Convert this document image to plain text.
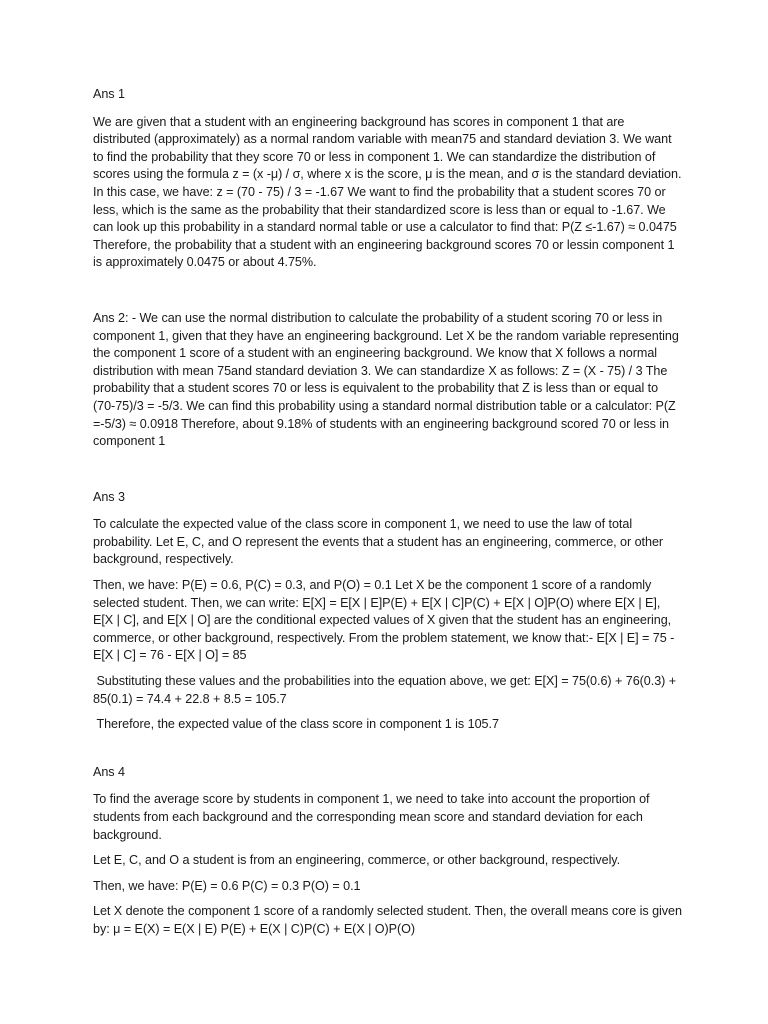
Ans 1

We are given that a student with an engineering background has scores in component 1 that are distributed (approximately) as a normal random variable with mean75 and standard deviation 3. We want to find the probability that they score 70 or less in component 1. We can standardize the distribution of scores using the formula z = (x -μ) / σ, where x is the score, μ is the mean, and σ is the standard deviation. In this case, we have: z = (70 - 75) / 3 = -1.67 We want to find the probability that a student scores 70 or less, which is the same as the probability that their standardized score is less than or equal to -1.67. We can look up this probability in a standard normal table or use a calculator to find that: P(Z ≤-1.67) ≈ 0.0475 Therefore, the probability that a student with an engineering background scores 70 or lessin component 1 is approximately 0.0475 or about 4.75%.

Ans 2: - We can use the normal distribution to calculate the probability of a student scoring 70 or less in component 1, given that they have an engineering background. Let X be the random variable representing the component 1 score of a student with an engineering background. We know that X follows a normal distribution with mean 75and standard deviation 3. We can standardize X as follows: Z = (X - 75) / 3 The probability that a student scores 70 or less is equivalent to the probability that Z is less than or equal to (70-75)/3 = -5/3. We can find this probability using a standard normal distribution table or a calculator: P(Z =-5/3) ≈ 0.0918 Therefore, about 9.18% of students with an engineering background scored 70 or less in component 1

Ans 3

To calculate the expected value of the class score in component 1, we need to use the law of total probability. Let E, C, and O represent the events that a student has an engineering, commerce, or other background, respectively.

Then, we have: P(E) = 0.6, P(C) = 0.3, and P(O) = 0.1 Let X be the component 1 score of a randomly selected student. Then, we can write: E[X] = E[X | E]P(E) + E[X | C]P(C) + E[X | O]P(O) where E[X | E], E[X | C], and E[X | O] are the conditional expected values of X given that the student has an engineering, commerce, or other background, respectively. From the problem statement, we know that:- E[X | E] = 75 - E[X | C] = 76 - E[X | O] = 85

Substituting these values and the probabilities into the equation above, we get: E[X] = 75(0.6) + 76(0.3) + 85(0.1) = 74.4 + 22.8 + 8.5 = 105.7

Therefore, the expected value of the class score in component 1 is 105.7

Ans 4

To find the average score by students in component 1, we need to take into account the proportion of students from each background and the corresponding mean score and standard deviation for each background.

Let E, C, and O a student is from an engineering, commerce, or other background, respectively.

Then, we have: P(E) = 0.6 P(C) = 0.3 P(O) = 0.1

Let X denote the component 1 score of a randomly selected student. Then, the overall means core is given by: μ = E(X) = E(X | E) P(E) + E(X | C)P(C) + E(X | O)P(O)
